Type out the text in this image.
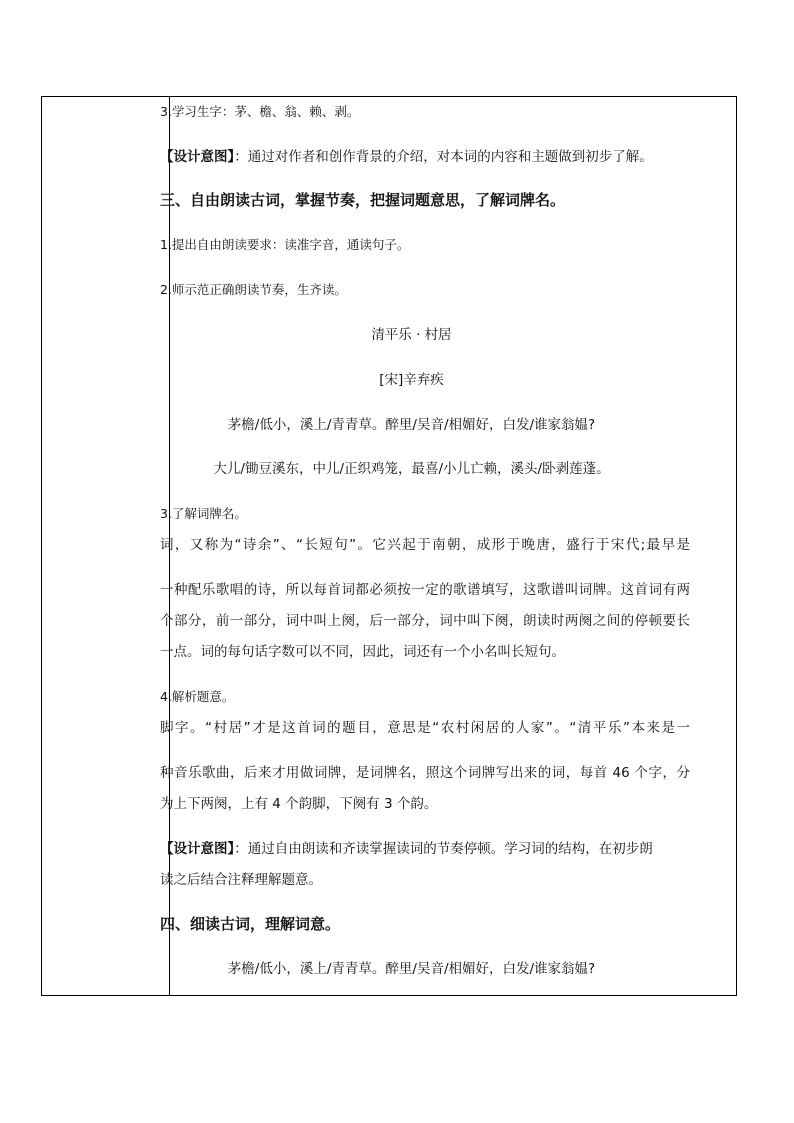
3.学习生字：茅、檐、翁、赖、剥。
【设计意图】：通过对作者和创作背景的介绍，对本词的内容和主题做到初步了解。
三、自由朗读古词，掌握节奏，把握词题意思，了解词牌名。
1.提出自由朗读要求：读准字音，通读句子。
2.师示范正确朗读节奏，生齐读。
清平乐 · 村居
[宋]辛弃疾
茅檐/低小，溪上/青青草。醉里/吴音/相媚好，白发/谁家翁媪?
大儿/锄豆溪东，中儿/正织鸡笼，最喜/小儿亡赖，溪头/卧剥莲蓬。
3.了解词牌名。
词，又称为“诗余”、“长短句”。它兴起于南朝，成形于晚唐，盛行于宋代;最早是
一种配乐歌唱的诗，所以每首词都必须按一定的歌谱填写，这歌谱叫词牌。这首词有两
个部分，前一部分，词中叫上阕，后一部分，词中叫下阕，朗读时两阕之间的停顿要长
一点。词的每句话字数可以不同，因此，词还有一个小名叫长短句。
4.解析题意。
脚字。“村居”才是这首词的题目，意思是“农村闲居的人家”。“清平乐”本来是一
种音乐歌曲，后来才用做词牌，是词牌名，照这个词牌写出来的词，每首 46 个字，分
为上下两阕，上有 4 个韵脚，下阕有 3 个韵。
【设计意图】：通过自由朗读和齐读掌握读词的节奏停顿。学习词的结构，在初步朗
读之后结合注释理解题意。
四、细读古词，理解词意。
茅檐/低小，溪上/青青草。醉里/吴音/相媚好，白发/谁家翁媪?
